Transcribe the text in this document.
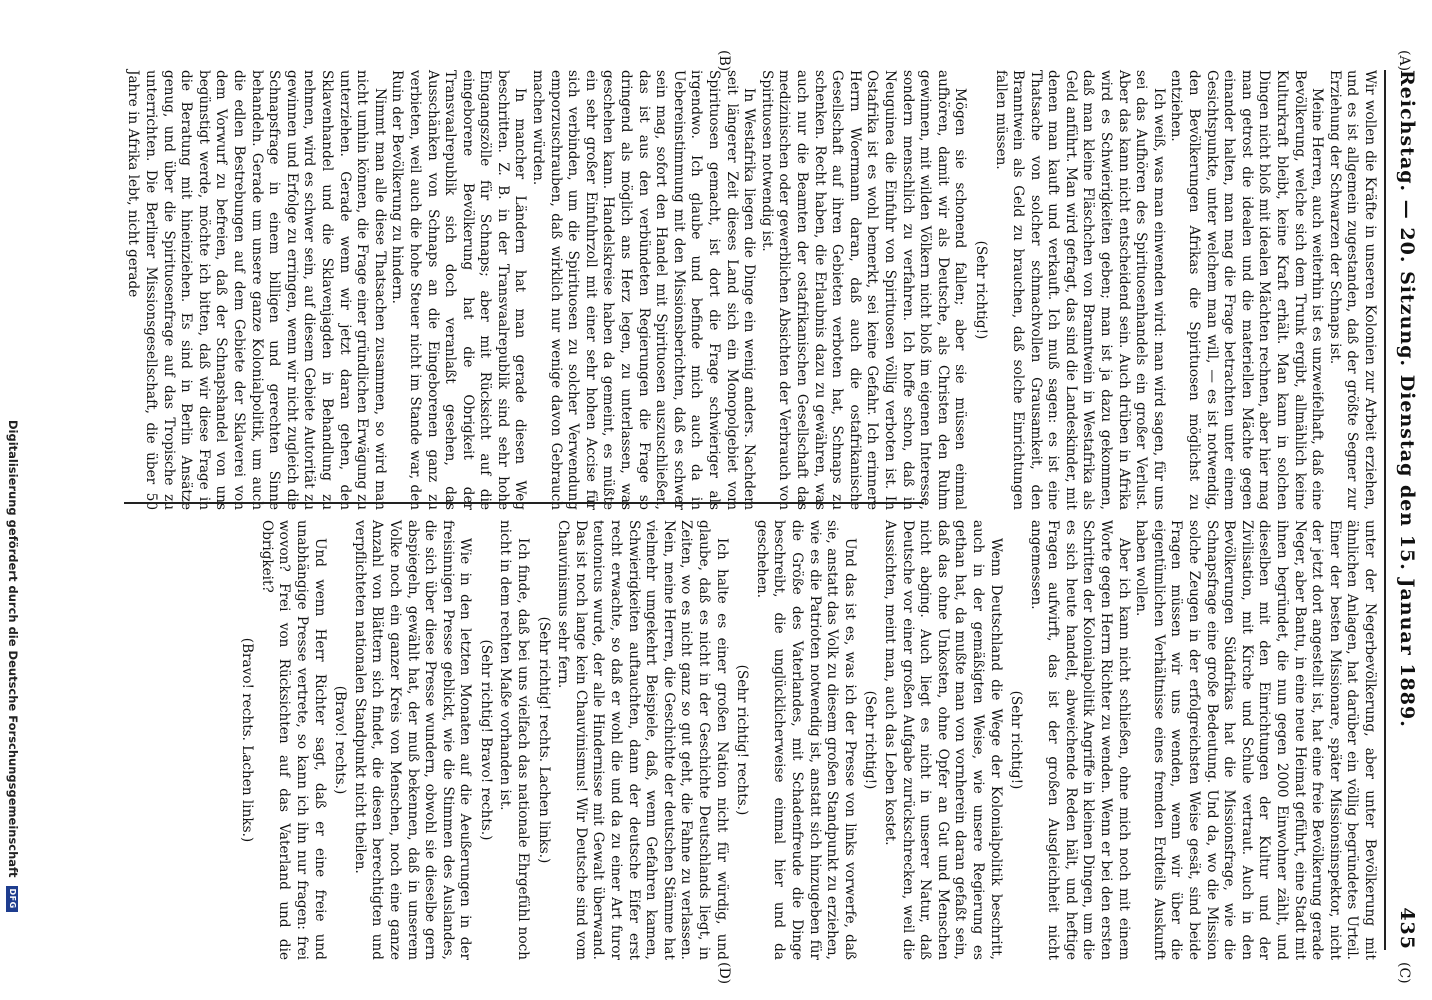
Reichstag. — 20. Sitzung. Dienstag den 15. Januar 1889.
435
(A)
(B)
(C)
(D)

Wir wollen die Kräfte in unseren Kolonien zur Arbeit erziehen, und es ist allgemein zugestanden, daß der größte Segner zur Erziehung der Schwarzen der Schnaps ist.

Meine Herren, auch weiterhin ist es unzweifelhaft, daß eine Bevölkerung, welche sich dem Trunk ergibt, allmählich keine Kulturkraft bleibt, keine Kraft erhält. Man kann in solchen Dingen nicht bloß mit idealen Mächten rechnen, aber hier mag man getrost die idealen und die materiellen Mächte gegen einander halten, man mag die Frage betrachten unter einem Gesichtspunkte, unter welchem man will, — es ist notwendig, den Bevölkerungen Afrikas die Spirituosen möglichst zu entziehen.

Ich weiß, was man einwenden wird: man wird sagen, für uns sei das Aufhören des Spirituosenhandels ein großer Verlust. Aber das kann nicht entscheidend sein. Auch drüben in Afrika wird es Schwierigkeiten geben; man ist ja dazu gekommen, daß man kleine Fläschchen von Branntwein in Westafrika als Geld anführt. Man wird gefragt, das sind die Landeskinder, mit denen man kauft und verkauft. Ich muß sagen: es ist eine Thatsache von solcher schmachvollen Grausamkeit, den Branntwein als Geld zu brauchen, daß solche Einrichtungen fallen müssen.

(Sehr richtig!)

Mögen sie schonend fallen; aber sie müssen einmal aufhören, damit wir als Deutsche, als Christen den Ruhm gewinnen, mit wilden Völkern nicht bloß im eigenen Interesse, sondern menschlich zu verfahren. Ich hoffe schon, daß in Neuguinea die Einfuhr von Spirituosen völlig verboten ist. In Ostafrika ist es wohl bemerkt, sei keine Gefahr. Ich erinnere Herrn Woermann daran, daß auch die ostafrikanische Gesellschaft auf ihren Gebieten verboten hat, Schnaps zu schenken. Recht haben, die Erlaubnis dazu zu gewähren, was auch nur die Beamten der ostafrikanischen Gesellschaft das medizinischen oder gewerblichen Absichten der Verbrauch von Spirituosen notwendig ist.

In Westafrika liegen die Dinge ein wenig anders. Nachdem seit längerer Zeit dieses Land sich ein Monopolgebiet vom Spirituosen gemacht, ist dort die Frage schwieriger als irgendwo. Ich glaube und befinde mich auch da in Uebereinstimmung mit den Missionsberichten, daß es schwer sein mag, sofort den Handel mit Spirituosen auszuschließen, das ist aus den verbündeten Regierungen die Frage so dringend als möglich ans Herz legen, zu unterlassen, was geschehen kann. Handelskreise haben da gemeint, es müßte ein sehr großer Einfuhrzoll mit einer sehr hohen Accise für sich verbinden, um die Spirituosen zu solcher Verwendung emporzuschrauben, daß wirklich nur wenige davon Gebrauch machen würden.

In mancher Ländern hat man gerade diesen Weg beschritten. Z. B. in der Transvaalrepublik sind sehr hohe Eingangszölle für Schnaps; aber mit Rücksicht auf die eingeborene Bevölkerung hat die Obrigkeit der Transvaalrepublik sich doch veranlaßt gesehen, das Ausschänken von Schnaps an die Eingeborenen ganz zu verbieten, weil auch die hohe Steuer nicht im Stande war, den Ruin der Bevölkerung zu hindern.

Nimmt man alle diese Thatsachen zusammen, so wird man nicht umhin können, die Frage einer gründlichen Erwägung zu unterziehen. Gerade wenn wir jetzt daran gehen, den Sklavenhandel und die Sklavenjagden in Behandlung zu nehmen, wird es schwer sein, auf diesem Gebiete Autorität zu gewinnen und Erfolge zu erringen, wenn wir nicht zugleich die Schnapsfrage in einem billigen und gerechten Sinne behandeln. Gerade um unsere ganze Kolonialpolitik, um auch die edlen Bestrebungen auf dem Gebiete der Sklaverei von dem Vorwurf zu befreien, daß der Schnapshandel von uns begünstigt werde, möchte ich bitten, daß wir diese Frage in die Beratung mit hineinziehen. Es sind in Berlin Ansätze genug, und über die Spirituosenfrage auf das Tropische zu unterrichten. Die Berliner Missionsgesellschaft, die über 50 Jahre in Afrika lebt, nicht gerade

unter der Negerbevölkerung, aber unter Bevölkerung mit ähnlichen Anlagen, hat darüber ein völlig begründetes Urteil. Einer der besten Missionare, später Missionsinspektor, nicht der jetzt dort angestellt ist, hat eine freie Bevölkerung gerade Neger, aber Bantu, in eine neue Heimat geführt, eine Stadt mit ihnen begründet, die nun gegen 2000 Einwohner zählt, und dieselben mit den Einrichtungen der Kultur und der Zivilisation, mit Kirche und Schule vertraut. Auch in den Bevölkerungen Südafrikas hat die Missionsfrage, wie die Schnapsfrage eine große Bedeutung. Und da, wo die Mission solche Zeugen in der erfolgreichsten Weise gesät, sind beide Fragen müssen wir uns wenden, wenn wir über die eigentümlichen Verhältnisse eines fremden Erdteils Auskunft haben wollen.

Aber ich kann nicht schließen, ohne mich noch mit einem Worte gegen Herrn Richter zu wenden. Wenn er bei den ersten Schritten der Kolonialpolitik Angriffe in kleinen Dingen, um die es sich heute handelt, abweichende Reden hält, und heftige Fragen aufwirft, das ist der großen Ausgleichheit nicht angemessen.

(Sehr richtig!)

Wenn Deutschland die Wege der Kolonialpolitik beschritt, auch in der gemäßigten Weise, wie unsere Regierung es gethan hat, da mußte man von vornherein daran gefaßt sein, daß das ohne Unkosten, ohne Opfer an Gut und Menschen nicht abging. Auch liegt es nicht in unserer Natur, daß Deutsche vor einer großen Aufgabe zurückschrecken, weil die Aussichten, meint man, auch das Leben kostet.

(Sehr richtig!)

Und das ist es, was ich der Presse von links vorwerfe, daß sie, anstatt das Volk zu diesem großen Standpunkt zu erziehen, wie es die Patrioten notwendig ist, anstatt sich hinzugeben für die Größe des Vaterlandes, mit Schadenfreude die Dinge beschreibt, die unglücklicherweise einmal hier und da geschehen.

(Sehr richtig! rechts.)

Ich halte es einer großen Nation nicht für würdig, und glaube, daß es nicht in der Geschichte Deutschlands liegt, in Zeiten, wo es nicht ganz so gut geht, die Fahne zu verlassen. Nein, meine Herren, die Geschichte der deutschen Stämme hat vielmehr umgekehrt Beispiele, daß, wenn Gefahren kamen, Schwierigkeiten auftauchten, dann der deutsche Eifer erst recht erwachte, so daß er wohl die und da zu einer Art furor teutonicus wurde, der alle Hindernisse mit Gewalt überwand. Das ist noch lange kein Chauvinismus! Wir Deutsche sind vom Chauvinismus sehr fern.

(Sehr richtig! rechts. Lachen links.)

Ich finde, daß bei uns vielfach das nationale Ehrgefühl noch nicht in dem rechten Maße vorhanden ist.

(Sehr richtig! Bravo! rechts.)

Wie in den letzten Monaten auf die Aeußerungen in der freisinnigen Presse geblickt, wie die Stimmen des Auslandes, die sich über diese Presse wundern, obwohl sie dieselbe gern abspiegeln, gewählt hat, der muß bekennen, daß in unserem Volke noch ein ganzer Kreis von Menschen, noch eine ganze Anzahl von Blättern sich findet, die diesen berechtigten und verpflichteten nationalen Standpunkt nicht theilen.

(Bravo! rechts.)

Und wenn Herr Richter sagt, daß er eine freie und unabhängige Presse vertrete, so kann ich ihn nur fragen: frei wovon? Frei von Rücksichten auf das Vaterland und die Obrigkeit?

(Bravo! rechts. Lachen links.)

Digitalisierung gefördert durch die Deutsche Forschungsgemeinschaft DFG
